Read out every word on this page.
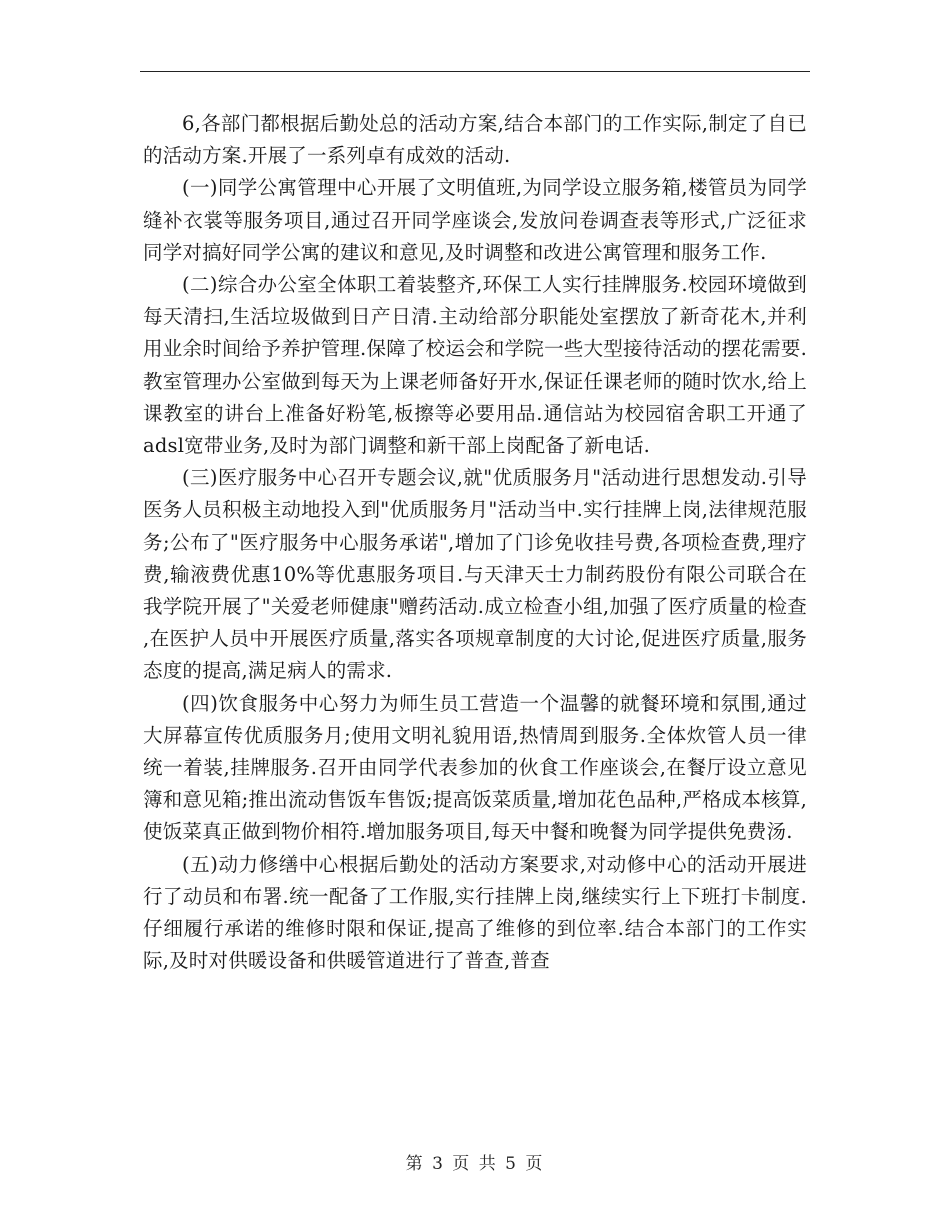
6,各部门都根据后勤处总的活动方案,结合本部门的工作实际,制定了自已的活动方案.开展了一系列卓有成效的活动.

(一)同学公寓管理中心开展了文明值班,为同学设立服务箱,楼管员为同学缝补衣裳等服务项目,通过召开同学座谈会,发放问卷调查表等形式,广泛征求同学对搞好同学公寓的建议和意见,及时调整和改进公寓管理和服务工作.

(二)综合办公室全体职工着装整齐,环保工人实行挂牌服务.校园环境做到每天清扫,生活垃圾做到日产日清.主动给部分职能处室摆放了新奇花木,并利用业余时间给予养护管理.保障了校运会和学院一些大型接待活动的摆花需要.教室管理办公室做到每天为上课老师备好开水,保证任课老师的随时饮水,给上课教室的讲台上准备好粉笔,板擦等必要用品.通信站为校园宿舍职工开通了adsl宽带业务,及时为部门调整和新干部上岗配备了新电话.

(三)医疗服务中心召开专题会议,就"优质服务月"活动进行思想发动.引导医务人员积极主动地投入到"优质服务月"活动当中.实行挂牌上岗,法律规范服务;公布了"医疗服务中心服务承诺",增加了门诊免收挂号费,各项检查费,理疗费,输液费优惠10%等优惠服务项目.与天津天士力制药股份有限公司联合在我学院开展了"关爱老师健康"赠药活动.成立检查小组,加强了医疗质量的检查 ,在医护人员中开展医疗质量,落实各项规章制度的大讨论,促进医疗质量,服务态度的提高,满足病人的需求.

(四)饮食服务中心努力为师生员工营造一个温馨的就餐环境和氛围,通过大屏幕宣传优质服务月;使用文明礼貌用语,热情周到服务.全体炊管人员一律统一着装,挂牌服务.召开由同学代表参加的伙食工作座谈会,在餐厅设立意见簿和意见箱;推出流动售饭车售饭;提高饭菜质量,增加花色品种,严格成本核算,使饭菜真正做到物价相符.增加服务项目,每天中餐和晚餐为同学提供免费汤.

(五)动力修缮中心根据后勤处的活动方案要求,对动修中心的活动开展进行了动员和布署.统一配备了工作服,实行挂牌上岗,继续实行上下班打卡制度.仔细履行承诺的维修时限和保证,提高了维修的到位率.结合本部门的工作实际,及时对供暖设备和供暖管道进行了普查,普查

第 3 页 共 5 页
